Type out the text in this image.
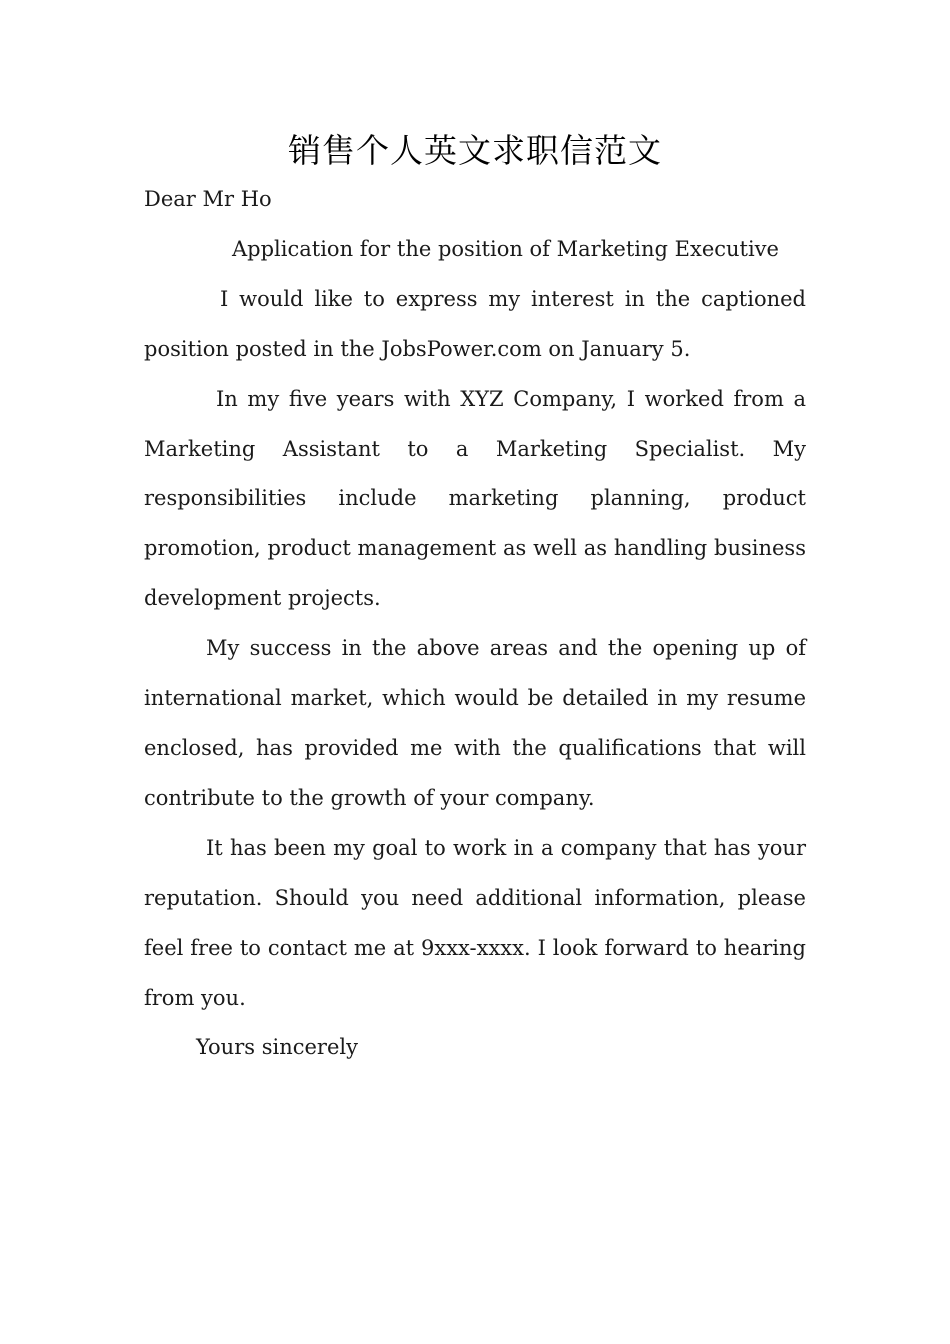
销售个人英文求职信范文

Dear Mr Ho

Application for the position of Marketing Executive

I would like to express my interest in the captioned position posted in the JobsPower.com on January 5.

In my five years with XYZ Company, I worked from a Marketing Assistant to a Marketing Specialist. My responsibilities include marketing planning, product promotion, product management as well as handling business development projects.

My success in the above areas and the opening up of international market, which would be detailed in my resume enclosed, has provided me with the qualifications that will contribute to the growth of your company.

It has been my goal to work in a company that has your reputation. Should you need additional information, please feel free to contact me at 9xxx-xxxx. I look forward to hearing from you.

Yours sincerely
